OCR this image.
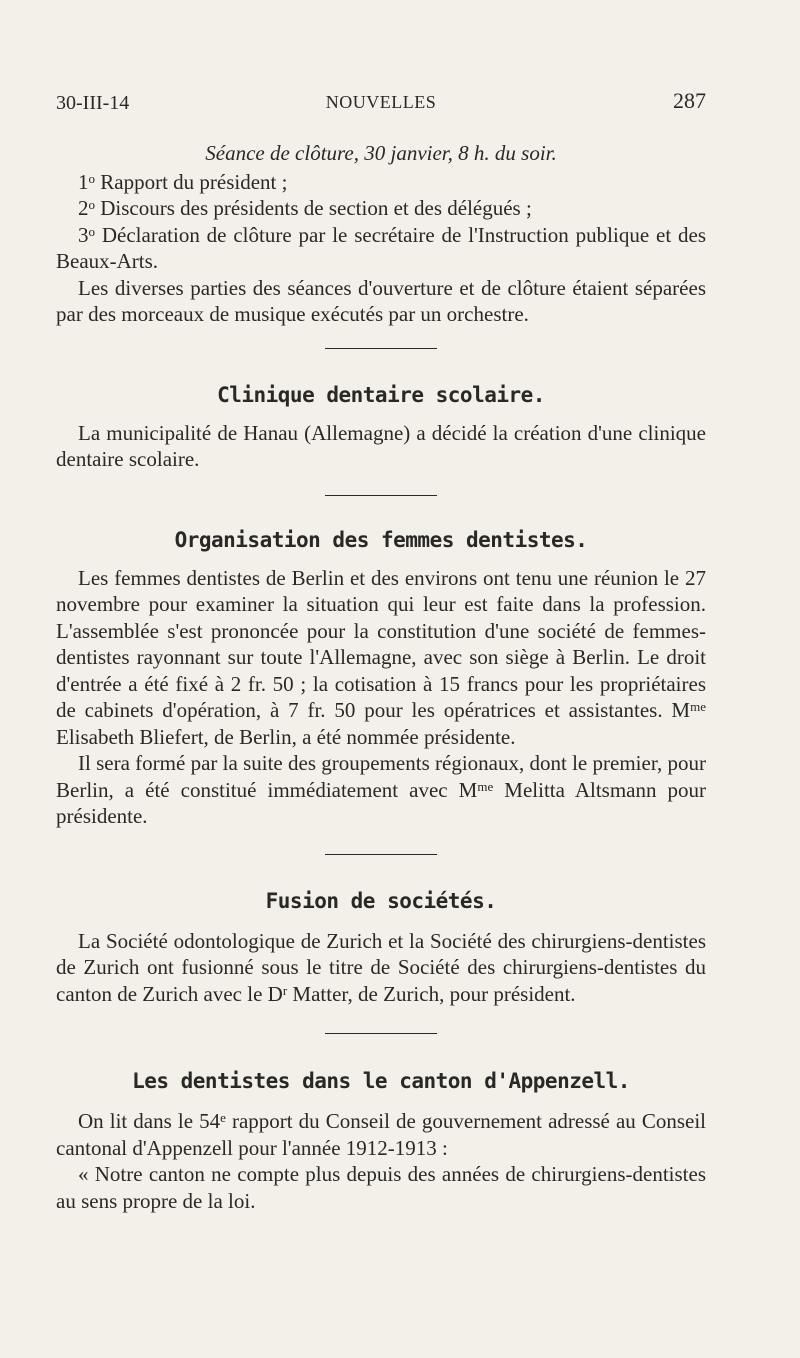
30-III-14	NOUVELLES	287

Séance de clôture, 30 janvier, 8 h. du soir.

1$^o$ Rapport du président ;

2$^o$ Discours des présidents de section et des délégués ;

3$^o$ Déclaration de clôture par le secrétaire de l'Instruction publique et des Beaux-Arts.

Les diverses parties des séances d'ouverture et de clôture étaient séparées par des morceaux de musique exécutés par un orchestre.

Clinique dentaire scolaire.

La municipalité de Hanau (Allemagne) a décidé la création d'une clinique dentaire scolaire.

Organisation des femmes dentistes.

Les femmes dentistes de Berlin et des environs ont tenu une réunion le 27 novembre pour examiner la situation qui leur est faite dans la profession. L'assemblée s'est prononcée pour la constitution d'une société de femmes-dentistes rayonnant sur toute l'Allemagne, avec son siège à Berlin. Le droit d'entrée a été fixé à 2 fr. 50 ; la cotisation à 15 francs pour les propriétaires de cabinets d'opération, à 7 fr. 50 pour les opératrices et assistantes. $M^{me}$ Elisabeth Bliefert, de Berlin, a été nommée présidente.

Il sera formé par la suite des groupements régionaux, dont le premier, pour Berlin, a été constitué immédiatement avec $M^{me}$ Melitta Altsmann pour présidente.

Fusion de sociétés.

La Société odontologique de Zurich et la Société des chirurgiens-dentistes de Zurich ont fusionné sous le titre de Société des chirurgiens-dentistes du canton de Zurich avec le $D^r$ Matter, de Zurich, pour président.

Les dentistes dans le canton d'Appenzell.

On lit dans le 54e rapport du Conseil de gouvernement adressé au Conseil cantonal d'Appenzell pour l'année 1912-1913 :

« Notre canton ne compte plus depuis des années de chirurgiens-dentistes au sens propre de la loi.
